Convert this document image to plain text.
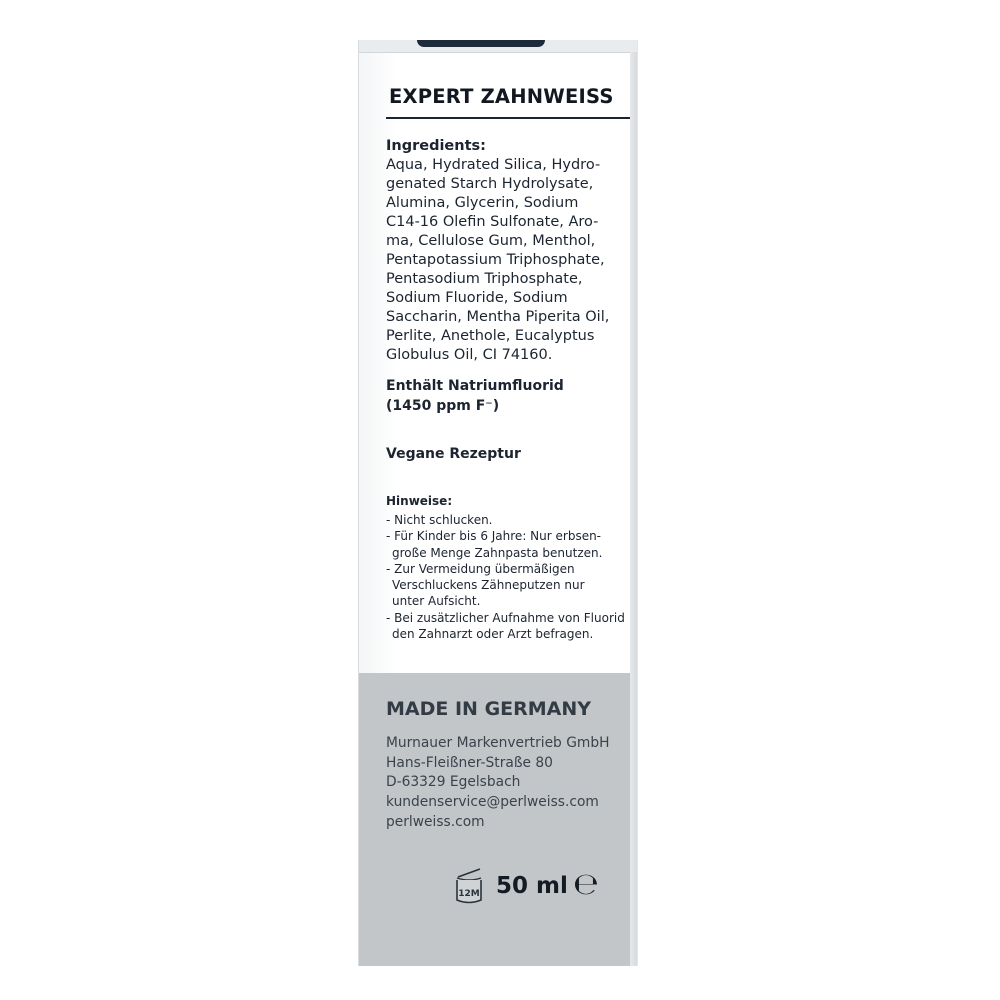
EXPERT ZAHNWEISS
Ingredients:
Aqua, Hydrated Silica, Hydro-
genated Starch Hydrolysate,
Alumina, Glycerin, Sodium
C14-16 Olefin Sulfonate, Aro-
ma, Cellulose Gum, Menthol,
Pentapotassium Triphosphate,
Pentasodium Triphosphate,
Sodium Fluoride, Sodium
Saccharin, Mentha Piperita Oil,
Perlite, Anethole, Eucalyptus
Globulus Oil, CI 74160.
Enthält Natriumfluorid
(1450 ppm F⁻)
Vegane Rezeptur
Hinweise:
- Nicht schlucken.
- Für Kinder bis 6 Jahre: Nur erbsen-
große Menge Zahnpasta benutzen.
- Zur Vermeidung übermäßigen
Verschluckens Zähneputzen nur
unter Aufsicht.
- Bei zusätzlicher Aufnahme von Fluorid
den Zahnarzt oder Arzt befragen.
MADE IN GERMANY
Murnauer Markenvertrieb GmbH
Hans-Fleißner-Straße 80
D-63329 Egelsbach
kundenservice@perlweiss.com
perlweiss.com
12M 50 ml ℮
